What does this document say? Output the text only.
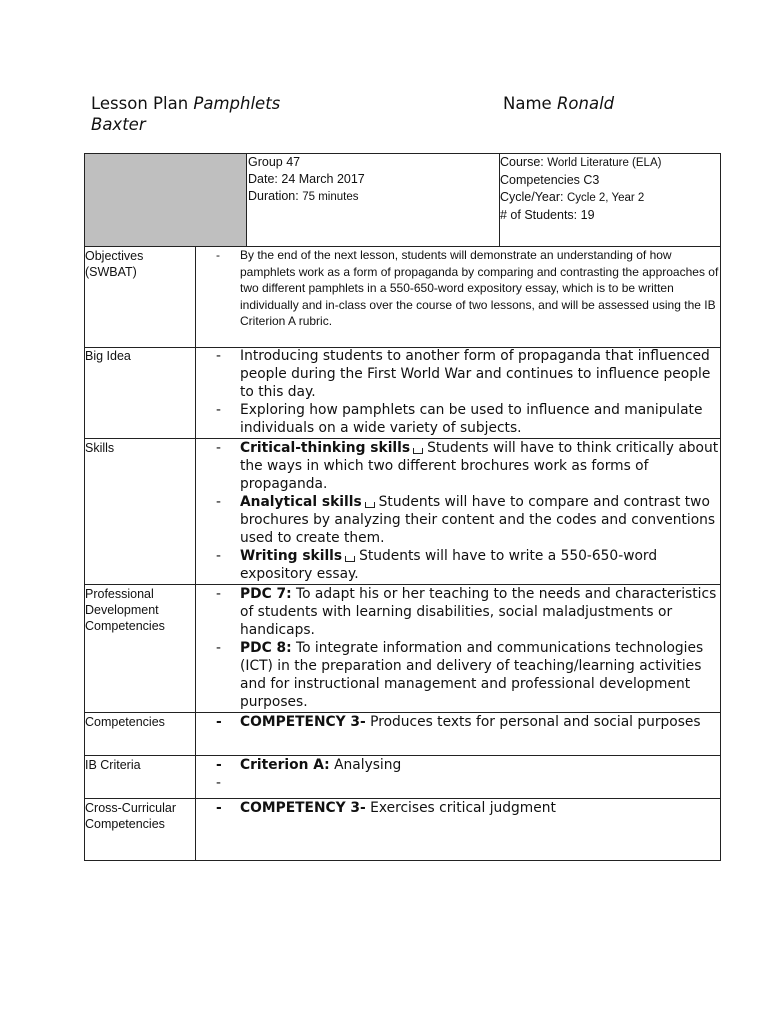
Lesson Plan Pamphlets
Baxter
Name Ronald
Group 47
Date: 24 March 2017
Duration: 75 minutes
Course: World Literature (ELA)
Competencies C3
Cycle/Year: Cycle 2, Year 2
# of Students: 19
Objectives (SWBAT)
Big Idea
Skills
Professional Development Competencies
Competencies
IB Criteria
Cross-Curricular Competencies
- By the end of the next lesson, students will demonstrate an understanding of how pamphlets work as a form of propaganda by comparing and contrasting the approaches of two different pamphlets in a 550-650-word expository essay, which is to be written individually and in-class over the course of two lessons, and will be assessed using the IB Criterion A rubric.
- Introducing students to another form of propaganda that influenced people during the First World War and continues to influence people to this day.
- Exploring how pamphlets can be used to influence and manipulate individuals on a wide variety of subjects.
- Critical-thinking skills Students will have to think critically about the ways in which two different brochures work as forms of propaganda.
- Analytical skills Students will have to compare and contrast two brochures by analyzing their content and the codes and conventions used to create them.
- Writing skills Students will have to write a 550-650-word expository essay.
- PDC 7: To adapt his or her teaching to the needs and characteristics of students with learning disabilities, social maladjustments or handicaps.
- PDC 8: To integrate information and communications technologies (ICT) in the preparation and delivery of teaching/learning activities and for instructional management and professional development purposes.
- COMPETENCY 3- Produces texts for personal and social purposes
- Criterion A: Analysing
-
- COMPETENCY 3- Exercises critical judgment
